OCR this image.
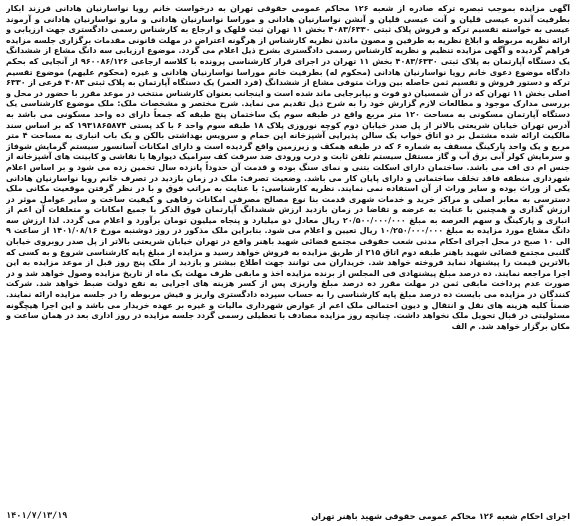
آگهی مزایده بموجب تبصره ترکه صادره از شعبه ۱۲۶ محاکم عمومی حقوقی تهران به درخواست خانم رویا نواسارنیان هادانی فرزند ابکار بطرفیت آندره عیسی قلیان و آنت عیسی قلیان و آنشن نواسارنیان هادانی و موراسا نواسارنیان هادانی و مارو نواسارنیان هادانی و آرموند عیسی به خواسته تقسیم ترکه و فروش پلاک ثبتی ۴۰۸۳/۶۳۳۰ بخش ۱۱ تهران ثبت قلهک و ارجاع به کارشناس رسمی دادگستری جهت ارزیابی و ارائه نظریه مربوطه و ابلاغ نظریه به طرفین و مصون ماندن نظریه کارشناس از هرگونه اعتراض در مهلت قانونی مقدمات برگزاری جلسه مزایده فراهم گردیده و آگهی مزایده تنظیم و نظریه کارشناس رسمی دادگستری بشرح ذیل اعلام می گردد. موضوع ارزیابی سه دانگ مشاع از ششدانگ یک دستگاه آپارتمان به پلاک ثبتی ۴۰۸۳/۶۳۳۰ بخش ۱۱ تهران در اجرای قرار کارشناسی پرونده با کلاسه ارجاعی ۹۶۰۰۸۶/۱۲۶ از آنجایی که بحکم دادگاه موضوع دعوی خانم رویا نواسارنیان هادانی (محکوم له) بطرفیت خانم موراسا نواسارنیان هادانی و غیره (محکوم علیهم) موضوع تقسیم ترکه و دستور فروش و تقسیم ثمن حاصله بین وراث متوفی مشاع از ششدانگ (فرد العمر) یک دستگاه آپارتمان به پلاک ثبتی ۴۰۸۳ فرعی از ۶۳۳۰ اصلی بخش ۱۱ تهران که در آن شمسیان دو فوت و بپابرجایی ماند شده است و اینجانب بعنوان کارشناس منتخب در موعد مقرر با حضور در محل و بررسی مدارک موجود و مطالعات لازم گزارش خود را به شرح ذیل تقدیم می نماید. شرح مختصر و مشخصات ملک: ملک موضوع کارشناسی یک دستگاه آپارتمان مسکونی به مساحت ۱۲۰ متر مربع واقع در طبقه سوم یک ساختمان پنج طبقه که جمعاً دارای ده واحد مسکونی می باشد به آدرس تهران خیابان شریعتی بالاتر از پل صدر خیابان دوم کوچه نوروزی پلاک ۱۸ طبقه سوم واحد ۶ با کد پستی ۱۹۳۱۸۶۵۸۷۴ که بر اساس سند مالکیت ارائه شده مشتمل بر دو اتاق خواب یک سالن پذیرایی آشپزخانه اپن حمام و سرویس بهداشتی بالکن و یک باب انباری به مساحت ۴ متر مربع و یک واحد پارکینگ مسقف به شماره ۶ که در طبقه همکف و زیرزمین واقع گردیده است و دارای امکانات آسانسور سیستم گرمایش شوفاژ و سرمایش کولر آبی برق آب و گاز مستقل سیستم تلفن ثابت و درب ورودی ضد سرقت کف سرامیک دیوارها با نقاشی و کابینت های آشپزخانه از جنس ام دی اف می باشد. ساختمان دارای اسکلت بتنی و نمای سنگ بوده و قدمت آن حدوداً پانزده سال تخمین زده می شود و بر اساس اعلام شهرداری منطقه فاقد تخلف ساختمانی و دارای پایان کار می باشد. وضعیت تصرف: ملک در زمان بازدید در تصرف خانم رویا نواسارنیان هادانی یکی از وراث بوده و سایر وراث از آن استفاده نمی نمایند. نظریه کارشناسی: با عنایت به مراتب فوق و با در نظر گرفتن موقعیت مکانی ملک دسترسی به معابر اصلی و مراکز خرید و خدمات شهری قدمت بنا نوع مصالح مصرفی امکانات رفاهی و کیفیت ساخت و سایر عوامل موثر در ارزش گذاری و همچنین با عنایت به عرضه و تقاضا در زمان بازدید ارزش ششدانگ آپارتمان فوق الذکر با جمیع امکانات و متعلقات آن اعم از انباری و پارکینگ و سهم العرصه به مبلغ ۲۰/۵۰۰/۰۰۰/۰۰۰ ریال معادل دو میلیارد و پنجاه میلیون تومان برآورد و اعلام می گردد. لذا ارزش سه دانگ مشاع مورد مزایده به مبلغ ۱۰/۲۵۰/۰۰۰/۰۰۰ ریال تعیین و اعلام می شود. بنابراین ملک مذکور در روز دوشنبه مورخ ۱۴۰۱/۰۸/۱۶ از ساعت ۹ الی ۱۰ صبح در محل اجرای احکام مدنی شعب حقوقی مجتمع قضائی شهید باهنر واقع در تهران خیابان شریعتی بالاتر از پل صدر روبروی خیابان گلنبی مجتمع قضائی شهید باهنر طبقه دوم اتاق ۲۱۵ از طریق مزایده به فروش خواهد رسید و مزایده از مبلغ پایه کارشناسی شروع و به کسی که بالاترین قیمت را پیشنهاد نماید فروخته خواهد شد. خریداران می توانند جهت اطلاع بیشتر و بازدید از ملک پنج روز قبل از موعد مزایده به این اجرا مراجعه نمایند. ده درصد مبلغ پیشنهادی فی المجلس از برنده مزایده اخذ و مابقی ظرف مهلت یک ماه از تاریخ مزایده وصول خواهد شد و در صورت عدم پرداخت مابقی ثمن در مهلت مقرر ده درصد مبلغ واریزی پس از کسر هزینه های اجرایی به نفع دولت ضبط خواهد شد. شرکت کنندگان در مزایده می بایست ده درصد مبلغ پایه کارشناسی را به حساب سپرده دادگستری واریز و فیش مربوطه را در جلسه مزایده ارائه نمایند. ضمناً کلیه هزینه های نقل و انتقال و دیون احتمالی ملک اعم از عوارض شهرداری مالیات و غیره بر عهده خریدار می باشد و این اجرا هیچگونه مسئولیتی در قبال تحویل ملک نخواهد داشت. چنانچه روز مزایده مصادف با تعطیلی رسمی گردد جلسه مزایده در روز اداری بعد در همان ساعت و مکان برگزار خواهد شد. م الف

اجرای احکام شعبه ۱۲۶ محاکم عمومی حقوقی شهید باهنر تهران
۱۴۰۱/۷/۱۳/۱۹
